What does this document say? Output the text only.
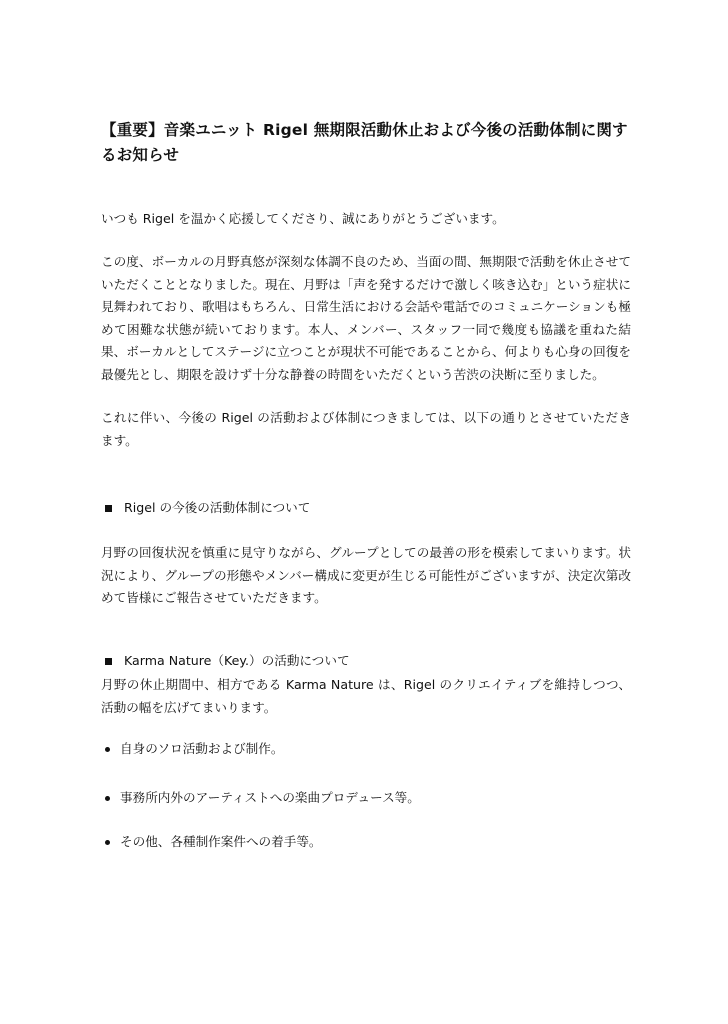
【重要】音楽ユニット Rigel 無期限活動休止および今後の活動体制に関するお知らせ

いつも Rigel を温かく応援してくださり、誠にありがとうございます。

この度、ボーカルの月野真悠が深刻な体調不良のため、当面の間、無期限で活動を休止させていただくこととなりました。現在、月野は「声を発するだけで激しく咳き込む」という症状に見舞われており、歌唱はもちろん、日常生活における会話や電話でのコミュニケーションも極めて困難な状態が続いております。本人、メンバー、スタッフ一同で幾度も協議を重ねた結果、ボーカルとしてステージに立つことが現状不可能であることから、何よりも心身の回復を最優先とし、期限を設けず十分な静養の時間をいただくという苦渋の決断に至りました。

これに伴い、今後の Rigel の活動および体制につきましては、以下の通りとさせていただきます。

Rigel の今後の活動体制について

月野の回復状況を慎重に見守りながら、グループとしての最善の形を模索してまいります。状況により、グループの形態やメンバー構成に変更が生じる可能性がございますが、決定次第改めて皆様にご報告させていただきます。

Karma Nature（Key.）の活動について

月野の休止期間中、相方である Karma Nature は、Rigel のクリエイティブを維持しつつ、活動の幅を広げてまいります。

自身のソロ活動および制作。
事務所内外のアーティストへの楽曲プロデュース等。
その他、各種制作案件への着手等。
